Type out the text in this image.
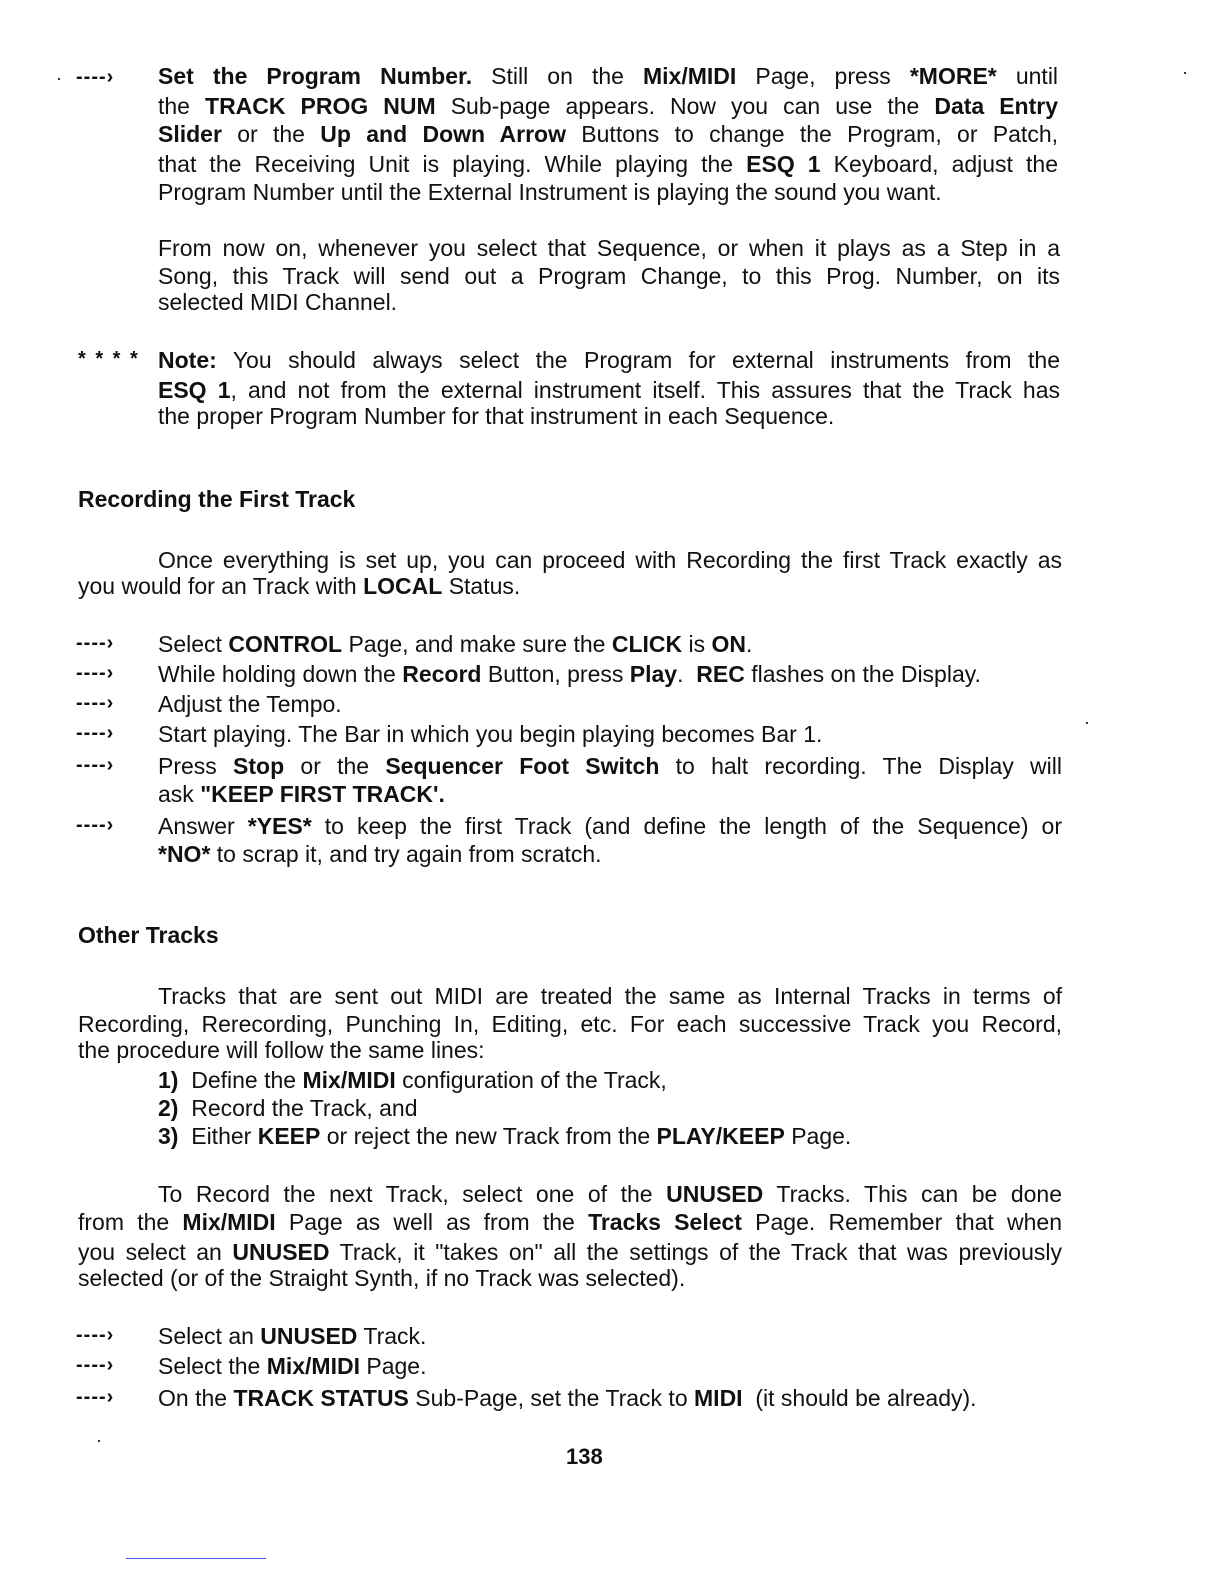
----› Set the Program Number. Still on the Mix/MIDI Page, press *MORE* until
the TRACK PROG NUM Sub-page appears. Now you can use the Data Entry
Slider or the Up and Down Arrow Buttons to change the Program, or Patch,
that the Receiving Unit is playing. While playing the ESQ 1 Keyboard, adjust the
Program Number until the External Instrument is playing the sound you want.
From now on, whenever you select that Sequence, or when it plays as a Step in a
Song, this Track will send out a Program Change, to this Prog. Number, on its
selected MIDI Channel.
* * * * Note: You should always select the Program for external instruments from the
ESQ 1, and not from the external instrument itself. This assures that the Track has
the proper Program Number for that instrument in each Sequence.
Recording the First Track
Once everything is set up, you can proceed with Recording the first Track exactly as
you would for an Track with LOCAL Status.
----› Select CONTROL Page, and make sure the CLICK is ON.
----› While holding down the Record Button, press Play. REC flashes on the Display.
----› Adjust the Tempo.
----› Start playing. The Bar in which you begin playing becomes Bar 1.
----› Press Stop or the Sequencer Foot Switch to halt recording. The Display will
ask "KEEP FIRST TRACK'.
----› Answer *YES* to keep the first Track (and define the length of the Sequence) or
*NO* to scrap it, and try again from scratch.
Other Tracks
Tracks that are sent out MIDI are treated the same as Internal Tracks in terms of
Recording, Rerecording, Punching In, Editing, etc. For each successive Track you Record,
the procedure will follow the same lines:
1) Define the Mix/MIDI configuration of the Track,
2) Record the Track, and
3) Either KEEP or reject the new Track from the PLAY/KEEP Page.
To Record the next Track, select one of the UNUSED Tracks. This can be done
from the Mix/MIDI Page as well as from the Tracks Select Page. Remember that when
you select an UNUSED Track, it "takes on" all the settings of the Track that was previously
selected (or of the Straight Synth, if no Track was selected).
----› Select an UNUSED Track.
----› Select the Mix/MIDI Page.
----› On the TRACK STATUS Sub-Page, set the Track to MIDI (it should be already).
138
